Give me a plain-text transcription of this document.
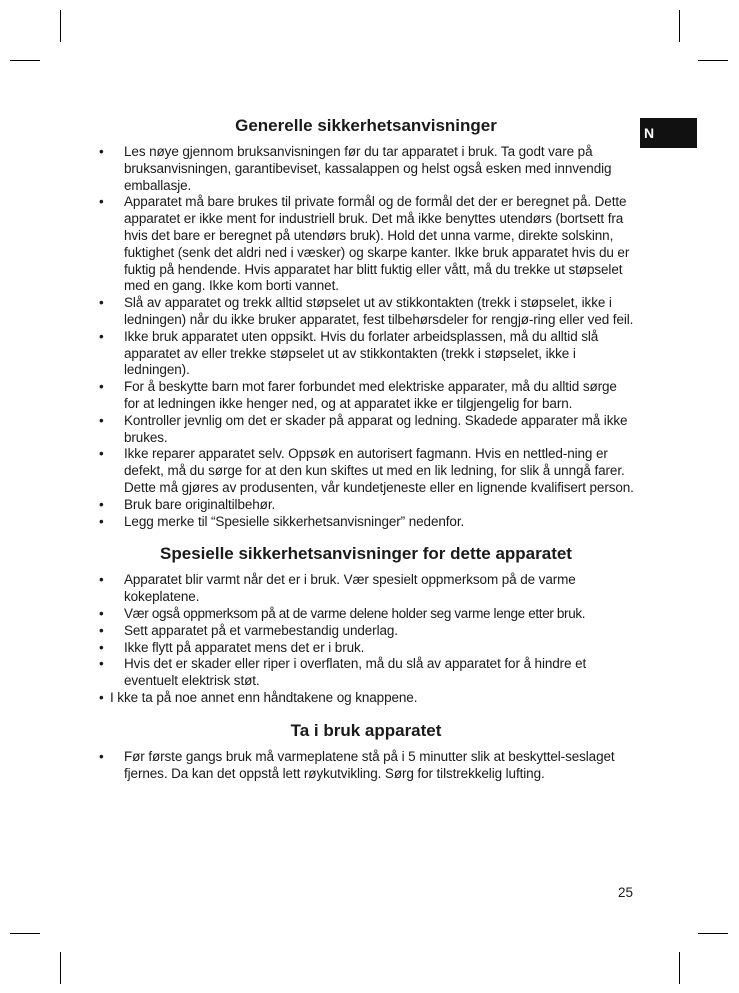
N
Generelle sikkerhetsanvisninger
• Les nøye gjennom bruksanvisningen før du tar apparatet i bruk. Ta godt vare på bruksanvisningen, garantibeviset, kassalappen og helst også esken med innvendig emballasje.
• Apparatet må bare brukes til private formål og de formål det der er beregnet på. Dette apparatet er ikke ment for industriell bruk. Det må ikke benyttes utendørs (bortsett fra hvis det bare er beregnet på utendørs bruk). Hold det unna varme, direkte solskinn, fuktighet (senk det aldri ned i væsker) og skarpe kanter. Ikke bruk apparatet hvis du er fuktig på hendende. Hvis apparatet har blitt fuktig eller vått, må du trekke ut støpselet med en gang. Ikke kom borti vannet.
• Slå av apparatet og trekk alltid støpselet ut av stikkontakten (trekk i støpselet, ikke i ledningen) når du ikke bruker apparatet, fest tilbehørsdeler for rengjø-ring eller ved feil.
• Ikke bruk apparatet uten oppsikt. Hvis du forlater arbeidsplassen, må du alltid slå apparatet av eller trekke støpselet ut av stikkontakten (trekk i støpselet, ikke i ledningen).
• For å beskytte barn mot farer forbundet med elektriske apparater, må du alltid sørge for at ledningen ikke henger ned, og at apparatet ikke er tilgjengelig for barn.
• Kontroller jevnlig om det er skader på apparat og ledning. Skadede apparater må ikke brukes.
• Ikke reparer apparatet selv. Oppsøk en autorisert fagmann. Hvis en nettled-ning er defekt, må du sørge for at den kun skiftes ut med en lik ledning, for slik å unngå farer. Dette må gjøres av produsenten, vår kundetjeneste eller en lignende kvalifisert person.
• Bruk bare originaltilbehør.
• Legg merke til “Spesielle sikkerhetsanvisninger” nedenfor.
Spesielle sikkerhetsanvisninger for dette apparatet
• Apparatet blir varmt når det er i bruk. Vær spesielt oppmerksom på de varme kokeplatene.
• Vær også oppmerksom på at de varme delene holder seg varme lenge etter bruk.
• Sett apparatet på et varmebestandig underlag.
• Ikke flytt på apparatet mens det er i bruk.
• Hvis det er skader eller riper i overflaten, må du slå av apparatet for å hindre et eventuelt elektrisk støt.
• I kke ta på noe annet enn håndtakene og knappene.
Ta i bruk apparatet
• Før første gangs bruk må varmeplatene stå på i 5 minutter slik at beskyttel-seslaget fjernes. Da kan det oppstå lett røykutvikling. Sørg for tilstrekkelig lufting.
25
